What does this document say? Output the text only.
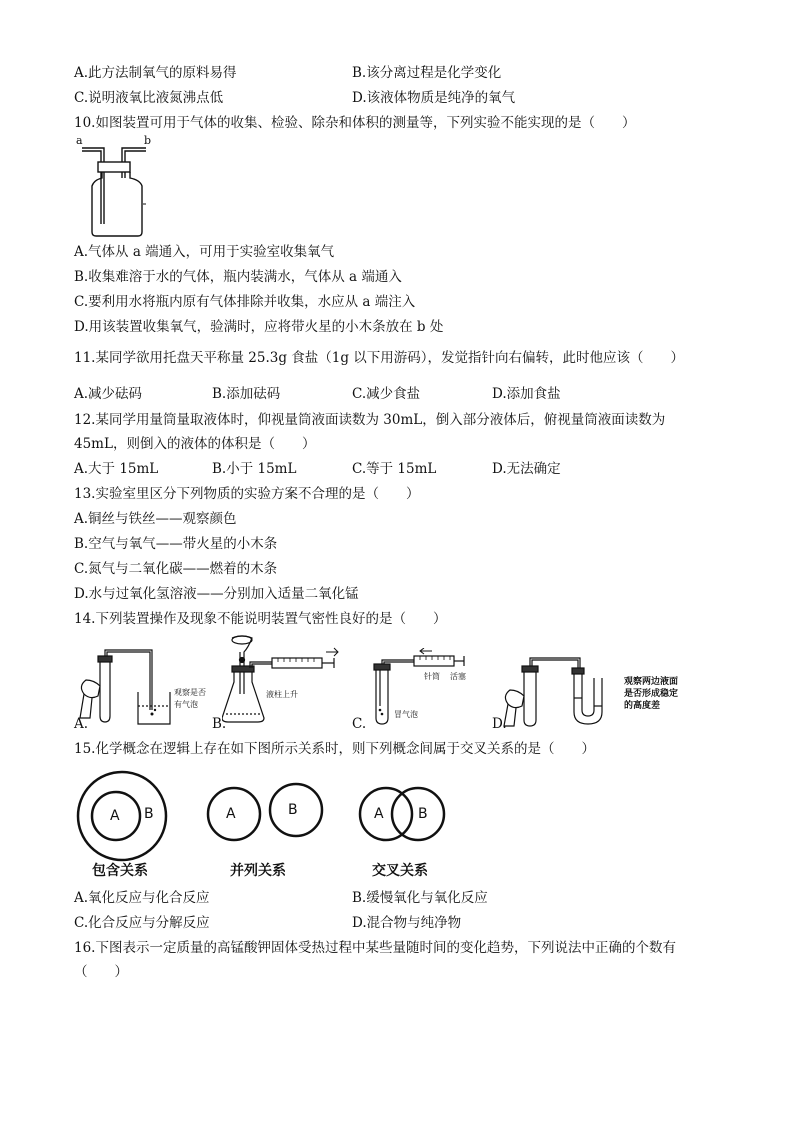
A.此方法制氧气的原料易得	B.该分离过程是化学变化
C.说明液氧比液氮沸点低	D.该液体物质是纯净的氧气
10.如图装置可用于气体的收集、检验、除杂和体积的测量等，下列实验不能实现的是（　　）
a	b
A.气体从 a 端通入，可用于实验室收集氧气
B.收集难溶于水的气体，瓶内装满水，气体从 a 端通入
C.要利用水将瓶内原有气体排除并收集，水应从 a 端注入
D.用该装置收集氧气，验满时，应将带火星的小木条放在 b 处
11.某同学欲用托盘天平称量 25.3g 食盐（1g 以下用游码），发觉指针向右偏转，此时他应该（　　）
A.减少砝码	B.添加砝码	C.减少食盐	D.添加食盐
12.某同学用量筒量取液体时，仰视量筒液面读数为 30mL，倒入部分液体后，俯视量筒液面读数为
45mL，则倒入的液体的体积是（　　）
A.大于 15mL	B.小于 15mL	C.等于 15mL	D.无法确定
13.实验室里区分下列物质的实验方案不合理的是（　　）
A.铜丝与铁丝——观察颜色
B.空气与氧气——带火星的小木条
C.氮气与二氧化碳——燃着的木条
D.水与过氧化氢溶液——分别加入适量二氧化锰
14.下列装置操作及现象不能说明装置气密性良好的是（　　）
观察是否
有气泡
A.
液柱上升
B.
针筒 活塞
冒气泡
C.
观察两边液面
是否形成稳定
的高度差
D.
15.化学概念在逻辑上存在如下图所示关系时，则下列概念间属于交叉关系的是（　　）
A B
包含关系
A	B
并列关系
A B
交叉关系
A.氧化反应与化合反应	B.缓慢氧化与氧化反应
C.化合反应与分解反应	D.混合物与纯净物
16.下图表示一定质量的高锰酸钾固体受热过程中某些量随时间的变化趋势，下列说法中正确的个数有
（　　）
